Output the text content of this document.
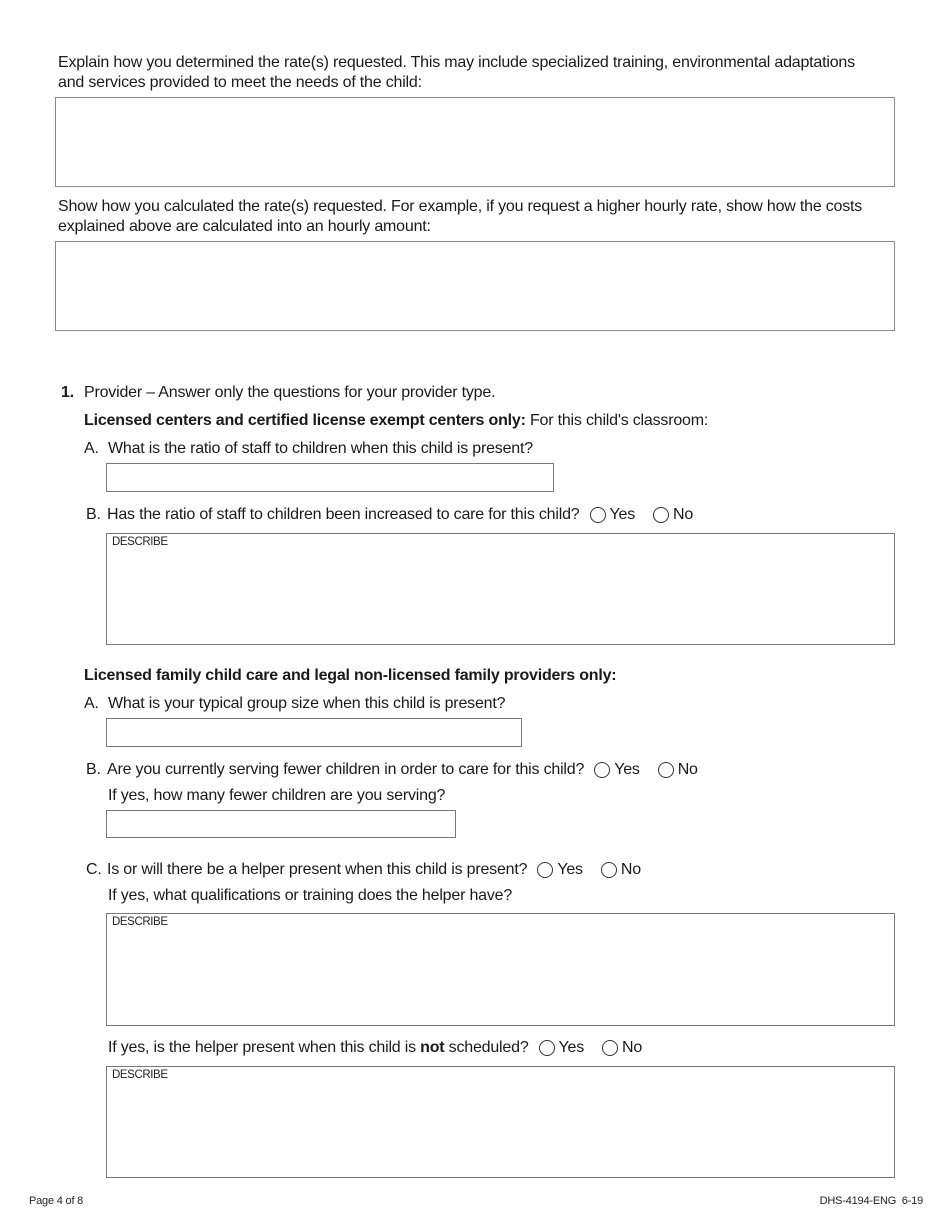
Explain how you determined the rate(s) requested. This may include specialized training, environmental adaptations
and services provided to meet the needs of the child:
Show how you calculated the rate(s) requested. For example, if you request a higher hourly rate, show how the costs
explained above are calculated into an hourly amount:
1. Provider – Answer only the questions for your provider type.
Licensed centers and certified license exempt centers only: For this child's classroom:
A. What is the ratio of staff to children when this child is present?
B. Has the ratio of staff to children been increased to care for this child? Yes No
DESCRIBE
Licensed family child care and legal non-licensed family providers only:
A. What is your typical group size when this child is present?
B. Are you currently serving fewer children in order to care for this child? Yes No
If yes, how many fewer children are you serving?
C. Is or will there be a helper present when this child is present? Yes No
If yes, what qualifications or training does the helper have?
DESCRIBE
If yes, is the helper present when this child is not scheduled? Yes No
DESCRIBE
Page 4 of 8	DHS-4194-ENG  6-19
